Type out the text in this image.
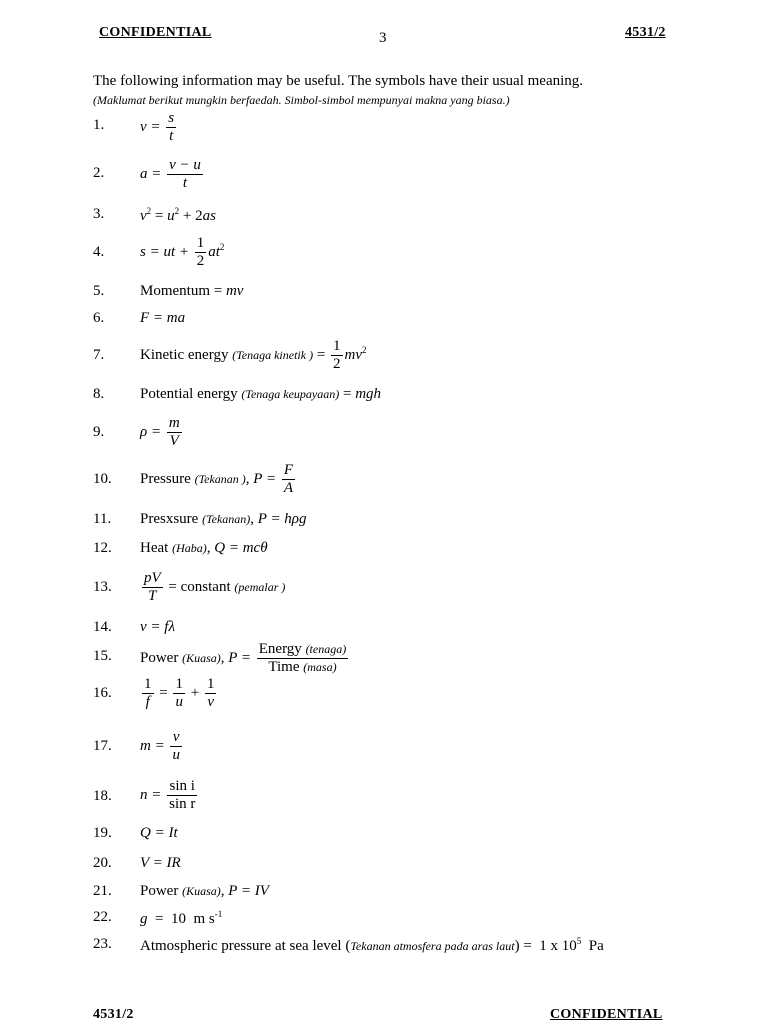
CONFIDENTIAL	3	4531/2
The following information may be useful. The symbols have their usual meaning.
(Maklumat berikut mungkin berfaedah. Simbol-simbol mempunyai makna yang biasa.)
1. $v = \frac{s}{t}$
2. $a = \frac{v - u}{t}$
3. $v^2 = u^2 + 2as$
4. s = ut + $\frac{1}{2} at^2$
5. Momentum = mv
6. F = ma
7. Kinetic energy (Tenaga kinetik ) = $\frac{1}{2} mv^2$
8. Potential energy (Tenaga keupayaan) = mgh
9. $\rho = \frac{m}{V}$
10. Pressure (Tekanan ), $P = \frac{F}{A}$
11. Presxsure (Tekanan), P = hρg
12. Heat (Haba), Q = mcθ
13. $\frac{pV}{T}$ = constant (pemalar )
14. v = fλ
15. Power (Kuasa), $P = \frac{\text{Energy (tenaga)}}{\text{Time (masa)}}$
16. $\frac{1}{f} = \frac{1}{u} + \frac{1}{v}$
17. $m = \frac{v}{u}$
18. $n = \frac{\text{sin i}}{\text{sin r}}$
19. Q = It
20. V = IR
21. Power (Kuasa), P = IV
22. g  =  10  m $s^{-1}$
23. Atmospheric pressure at sea level (Tekanan atmosfera pada aras laut) =  1 x $10^5$  Pa
4531/2	CONFIDENTIAL
